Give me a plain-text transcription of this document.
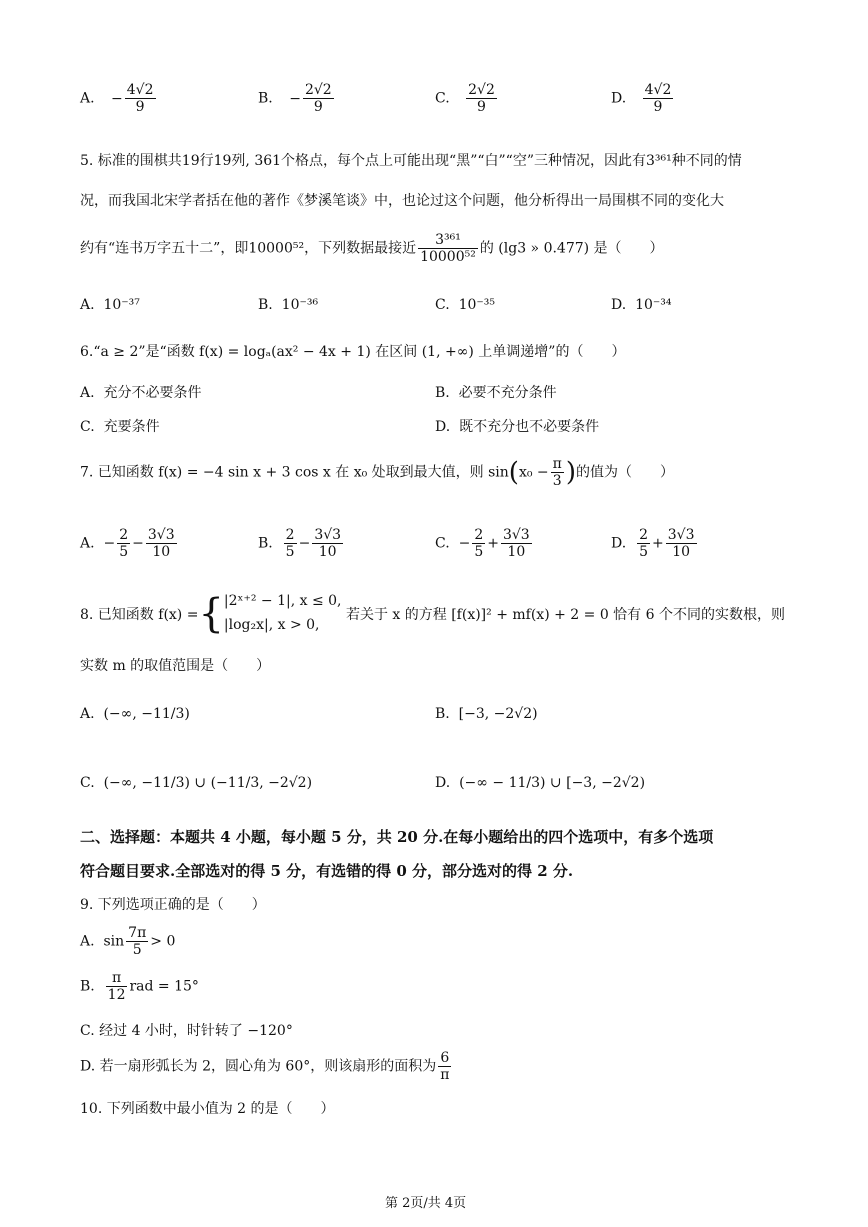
A. − $\frac{4√2}{9}$	B. − $\frac{2√2}{9}$	C. $\frac{2√2}{9}$	D. $\frac{4√2}{9}$
5. 标准的围棋共19行19列, 361个格点，每个点上可能出现“黑”“白”“空”三种情况，因此有3³⁶¹种不同的情
况，而我国北宋学者括在他的著作《梦溪笔谈》中，也论过这个问题，他分析得出一局围棋不同的变化大
约有“连书万字五十二”，即10000⁵²，下列数据最接近 $\frac{\text{3³⁶¹}}{\text{10000⁵²}}$ 的 (lg3 » 0.477) 是（　　）
A. 10⁻³⁷	B. 10⁻³⁶	C. 10⁻³⁵	D. 10⁻³⁴
6.“a ≥ 2”是“函数 f(x) = logₐ(ax² − 4x + 1) 在区间 (1, +∞) 上单调递增”的（　　）
A. 充分不必要条件	B. 必要不充分条件
C. 充要条件	D. 既不充分也不必要条件
7. 已知函数 f(x) = −4 sin x + 3 cos x 在 x₀ 处取到最大值，则 $\sin(x_0 - \frac{\pi}{3}$ )的值为（　　）
A. − $\frac{2}{5} - \frac{3√3}{10}$	B. $\frac{2}{5} - \frac{3√3}{10}$	C. − $\frac{2}{5} + \frac{3√3}{10}$	D. $\frac{2}{5} + \frac{3√3}{10}$
8. 已知函数 f(x) ={ |2ˣ⁺² − 1|, x ≤ 0,
|log₂x|, x > 0,
若关于 x 的方程 [f(x)]² + mf(x) + 2 = 0 恰有 6 个不同的实数根，则
实数 m 的取值范围是（　　）
A. (−∞, −11/3)	B. [−3, −2√2)
C. (−∞, −11/3) ∪ (−11/3, −2√2)	D. (−∞ − 11/3) ∪ [−3, −2√2)
二、选择题：本题共 4 小题，每小题 5 分，共 20 分.在每小题给出的四个选项中，有多个选项
符合题目要求.全部选对的得 5 分，有选错的得 0 分，部分选对的得 2 分.
9. 下列选项正确的是（　　）
A. $\sin \frac{7\pi}{5} > 0$
B. $\frac{\pi}{12}$ rad = 15°
C. 经过 4 小时，时针转了 −120°
D. 若一扇形弧长为 2，圆心角为 60°，则该扇形的面积为 $\frac{6}{\pi}$
10. 下列函数中最小值为 2 的是（　　）
第 2页/共 4页
